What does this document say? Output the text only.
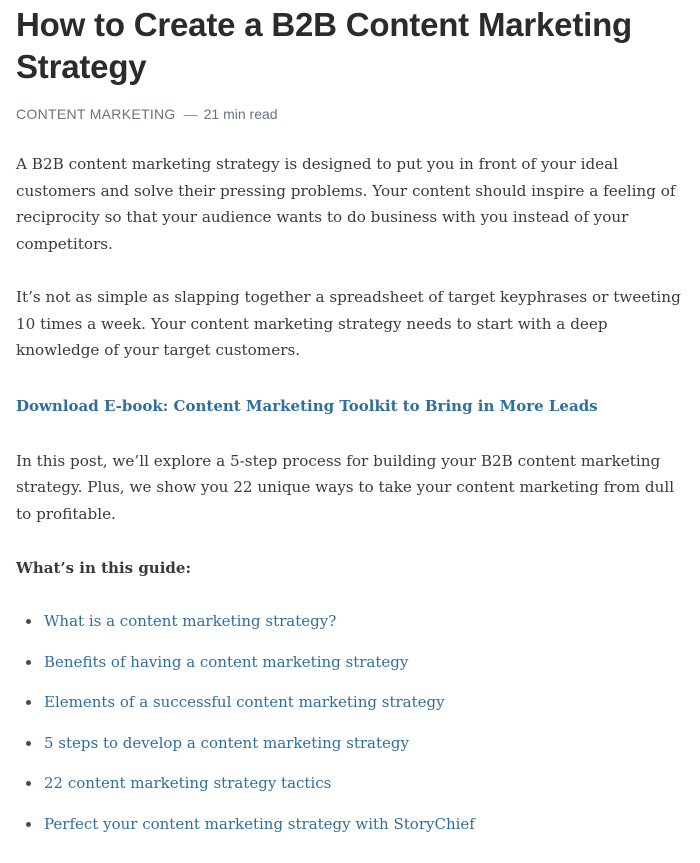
How to Create a B2B Content Marketing Strategy
CONTENT MARKETING — 21 min read

A B2B content marketing strategy is designed to put you in front of your ideal customers and solve their pressing problems. Your content should inspire a feeling of reciprocity so that your audience wants to do business with you instead of your competitors.

It’s not as simple as slapping together a spreadsheet of target keyphrases or tweeting 10 times a week. Your content marketing strategy needs to start with a deep knowledge of your target customers.

Download E-book: Content Marketing Toolkit to Bring in More Leads

In this post, we’ll explore a 5-step process for building your B2B content marketing strategy. Plus, we show you 22 unique ways to take your content marketing from dull to profitable.

What’s in this guide:

What is a content marketing strategy?
Benefits of having a content marketing strategy
Elements of a successful content marketing strategy
5 steps to develop a content marketing strategy
22 content marketing strategy tactics
Perfect your content marketing strategy with StoryChief
